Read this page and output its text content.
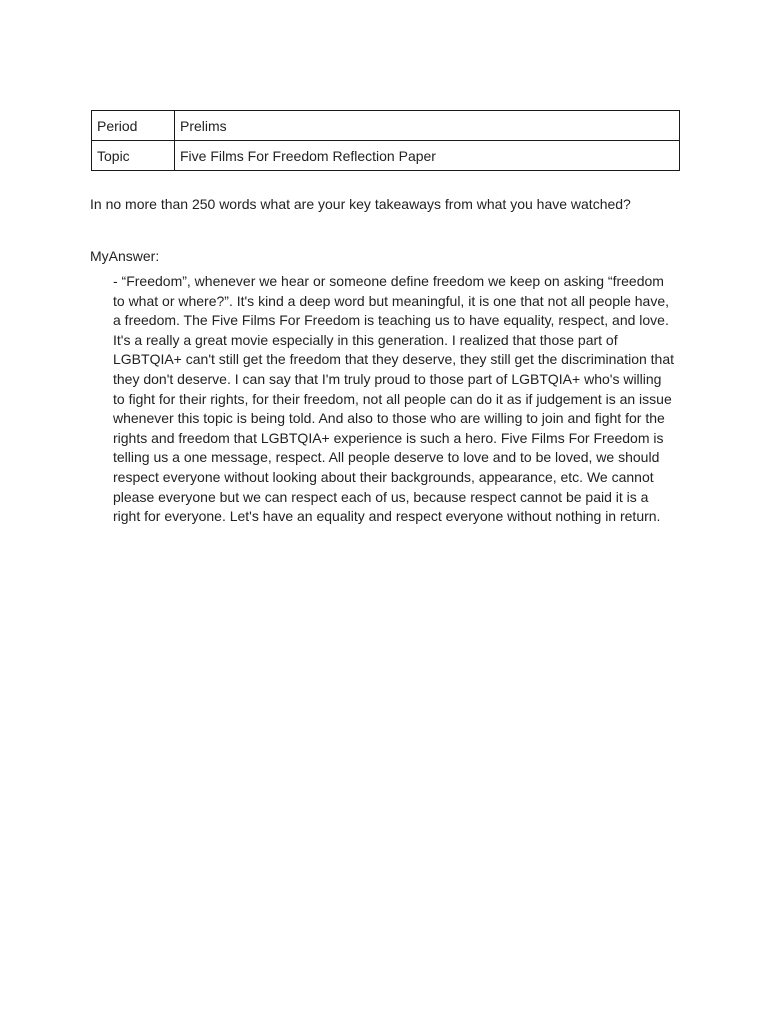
Period	Prelims
Topic	Five Films For Freedom Reflection Paper

In no more than 250 words what are your key takeaways from what you have watched?

MyAnswer:

- “Freedom”, whenever we hear or someone define freedom we keep on asking “freedom
to what or where?”. It's kind a deep word but meaningful, it is one that not all people have,
a freedom. The Five Films For Freedom is teaching us to have equality, respect, and love.
It's a really a great movie especially in this generation. I realized that those part of
LGBTQIA+ can't still get the freedom that they deserve, they still get the discrimination that
they don't deserve. I can say that I'm truly proud to those part of LGBTQIA+ who's willing
to fight for their rights, for their freedom, not all people can do it as if judgement is an issue
whenever this topic is being told. And also to those who are willing to join and fight for the
rights and freedom that LGBTQIA+ experience is such a hero. Five Films For Freedom is
telling us a one message, respect. All people deserve to love and to be loved, we should
respect everyone without looking about their backgrounds, appearance, etc. We cannot
please everyone but we can respect each of us, because respect cannot be paid it is a
right for everyone. Let's have an equality and respect everyone without nothing in return.
